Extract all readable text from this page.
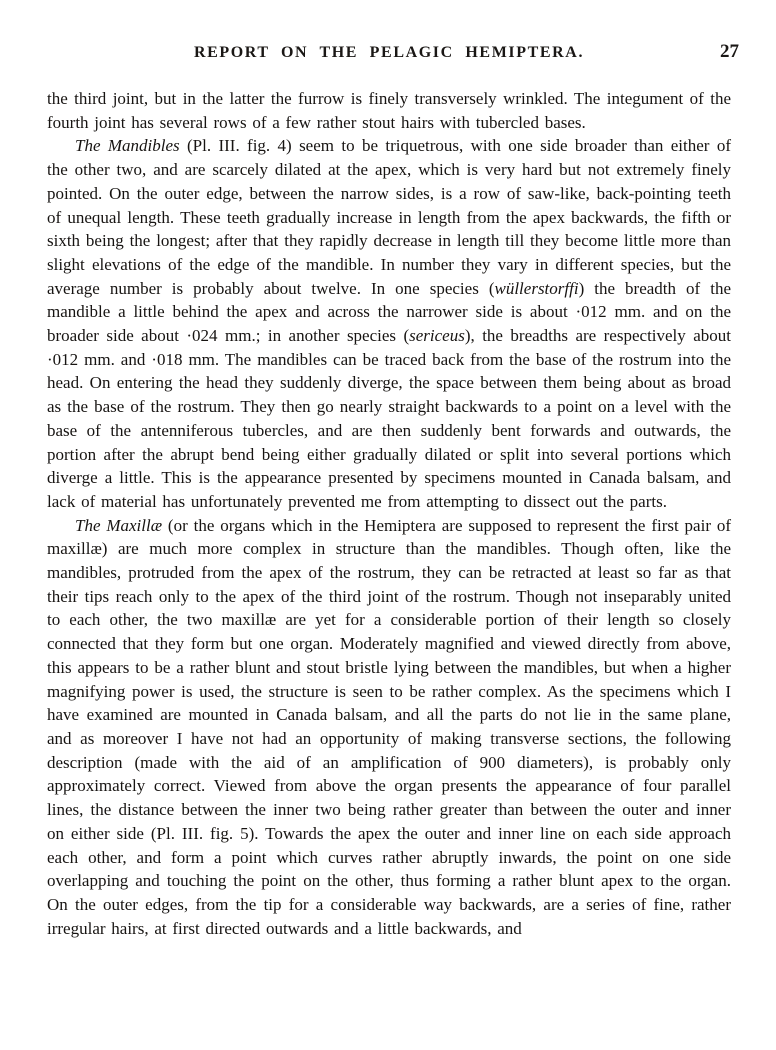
REPORT ON THE PELAGIC HEMIPTERA.	27

the third joint, but in the latter the furrow is finely transversely wrinkled. The integument of the fourth joint has several rows of a few rather stout hairs with tubercled bases.

The Mandibles (Pl. III. fig. 4) seem to be triquetrous, with one side broader than either of the other two, and are scarcely dilated at the apex, which is very hard but not extremely finely pointed. On the outer edge, between the narrow sides, is a row of saw-like, back-pointing teeth of unequal length. These teeth gradually increase in length from the apex backwards, the fifth or sixth being the longest; after that they rapidly decrease in length till they become little more than slight elevations of the edge of the mandible. In number they vary in different species, but the average number is probably about twelve. In one species (wüllerstorffi) the breadth of the mandible a little behind the apex and across the narrower side is about ·012 mm. and on the broader side about ·024 mm.; in another species (sericeus), the breadths are respectively about ·012 mm. and ·018 mm. The mandibles can be traced back from the base of the rostrum into the head. On entering the head they suddenly diverge, the space between them being about as broad as the base of the rostrum. They then go nearly straight backwards to a point on a level with the base of the antenniferous tubercles, and are then suddenly bent forwards and outwards, the portion after the abrupt bend being either gradually dilated or split into several portions which diverge a little. This is the appearance presented by specimens mounted in Canada balsam, and lack of material has unfortunately prevented me from attempting to dissect out the parts.

The Maxillæ (or the organs which in the Hemiptera are supposed to represent the first pair of maxillæ) are much more complex in structure than the mandibles. Though often, like the mandibles, protruded from the apex of the rostrum, they can be retracted at least so far as that their tips reach only to the apex of the third joint of the rostrum. Though not inseparably united to each other, the two maxillæ are yet for a considerable portion of their length so closely connected that they form but one organ. Moderately magnified and viewed directly from above, this appears to be a rather blunt and stout bristle lying between the mandibles, but when a higher magnifying power is used, the structure is seen to be rather complex. As the specimens which I have examined are mounted in Canada balsam, and all the parts do not lie in the same plane, and as moreover I have not had an opportunity of making transverse sections, the following description (made with the aid of an amplification of 900 diameters), is probably only approximately correct. Viewed from above the organ presents the appearance of four parallel lines, the distance between the inner two being rather greater than between the outer and inner on either side (Pl. III. fig. 5). Towards the apex the outer and inner line on each side approach each other, and form a point which curves rather abruptly inwards, the point on one side overlapping and touching the point on the other, thus forming a rather blunt apex to the organ. On the outer edges, from the tip for a considerable way backwards, are a series of fine, rather irregular hairs, at first directed outwards and a little backwards, and
